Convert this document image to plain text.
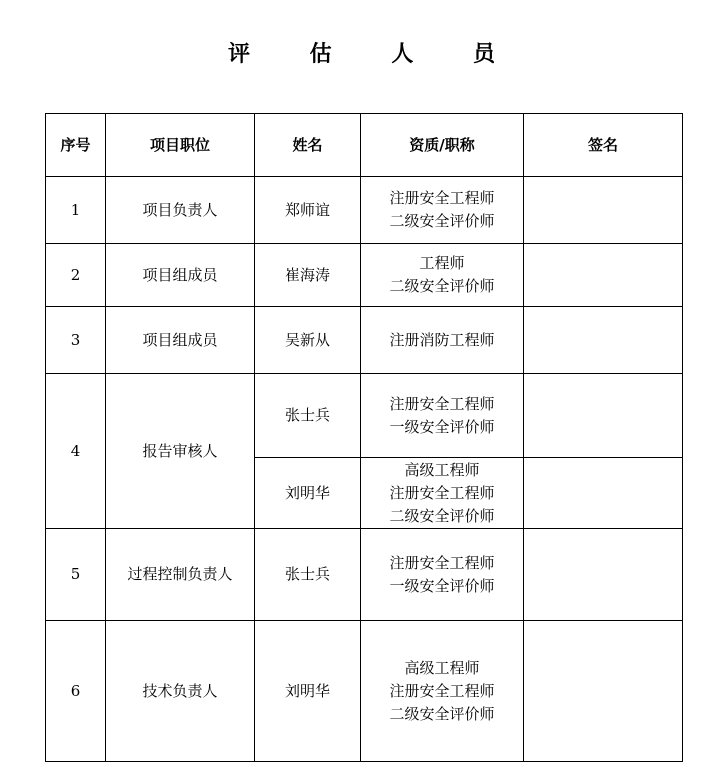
评 估 人 员
序号	项目职位	姓名	资质/职称	签名
1	项目负责人	郑师谊	注册安全工程师
二级安全评价师	

2	项目组成员	崔海涛	工程师
二级安全评价师	

3	项目组成员	吴新从	注册消防工程师	

4	报告审核人	张士兵	注册安全工程师
一级安全评价师	

		刘明华	高级工程师
注册安全工程师
二级安全评价师	

5	过程控制负责人	张士兵	注册安全工程师
一级安全评价师	

6	技术负责人	刘明华	高级工程师
注册安全工程师
二级安全评价师	
